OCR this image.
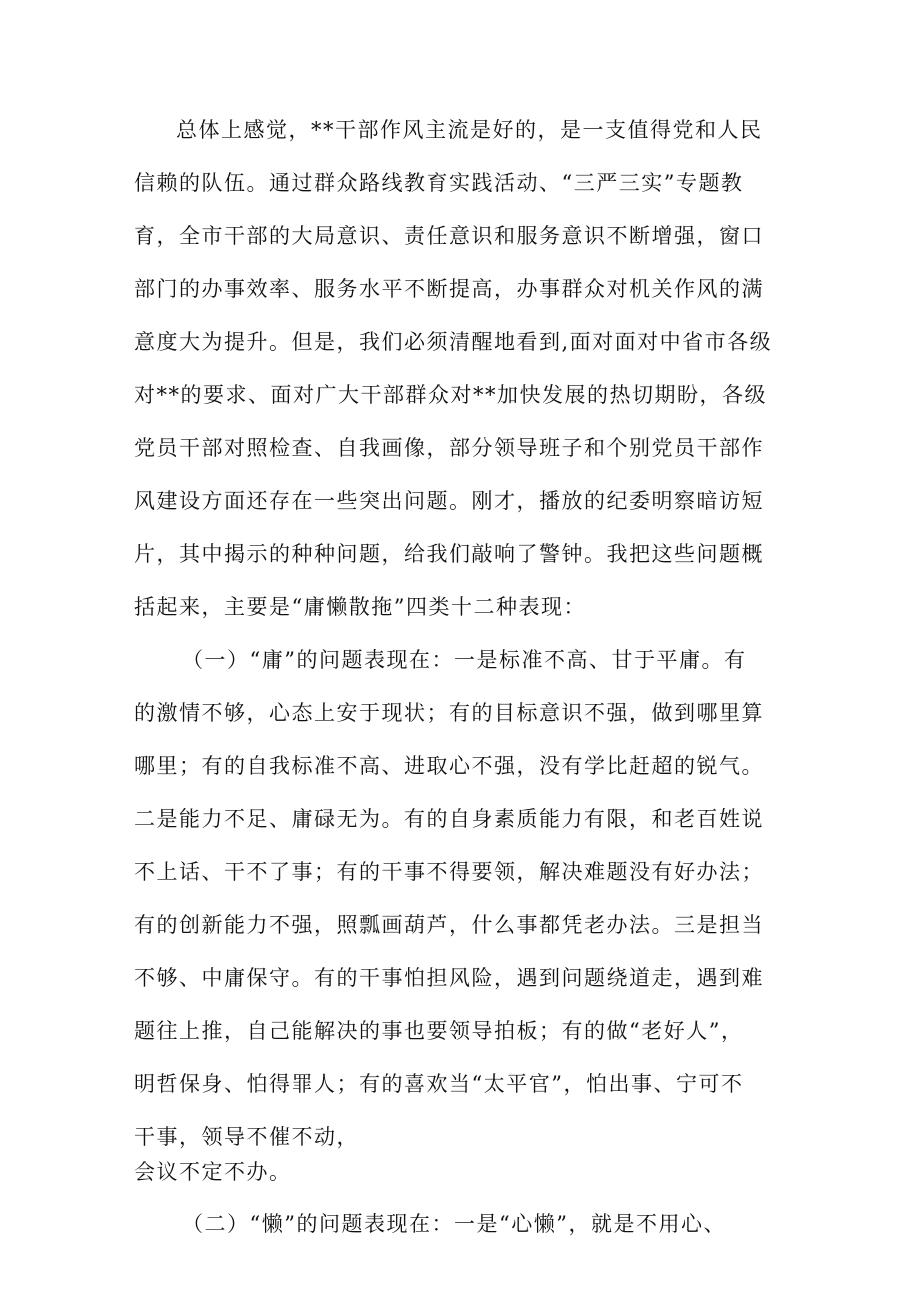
总体上感觉，**干部作风主流是好的，是一支值得党和人民
信赖的队伍。通过群众路线教育实践活动、“三严三实”专题教
育，全市干部的大局意识、责任意识和服务意识不断增强，窗口
部门的办事效率、服务水平不断提高，办事群众对机关作风的满
意度大为提升。但是，我们必须清醒地看到,面对面对中省市各级
对**的要求、面对广大干部群众对**加快发展的热切期盼，各级
党员干部对照检查、自我画像，部分领导班子和个别党员干部作
风建设方面还存在一些突出问题。刚才，播放的纪委明察暗访短
片，其中揭示的种种问题，给我们敲响了警钟。我把这些问题概
括起来，主要是“庸懒散拖”四类十二种表现：
（一）“庸”的问题表现在：一是标准不高、甘于平庸。有
的激情不够，心态上安于现状；有的目标意识不强，做到哪里算
哪里；有的自我标准不高、进取心不强，没有学比赶超的锐气。
二是能力不足、庸碌无为。有的自身素质能力有限，和老百姓说
不上话、干不了事；有的干事不得要领，解决难题没有好办法；
有的创新能力不强，照瓢画葫芦，什么事都凭老办法。三是担当
不够、中庸保守。有的干事怕担风险，遇到问题绕道走，遇到难
题往上推，自己能解决的事也要领导拍板；有的做“老好人”，
明哲保身、怕得罪人；有的喜欢当“太平官”，怕出事、宁可不
干事，领导不催不动，
会议不定不办。
（二）“懒”的问题表现在：一是“心懒”，就是不用心、
